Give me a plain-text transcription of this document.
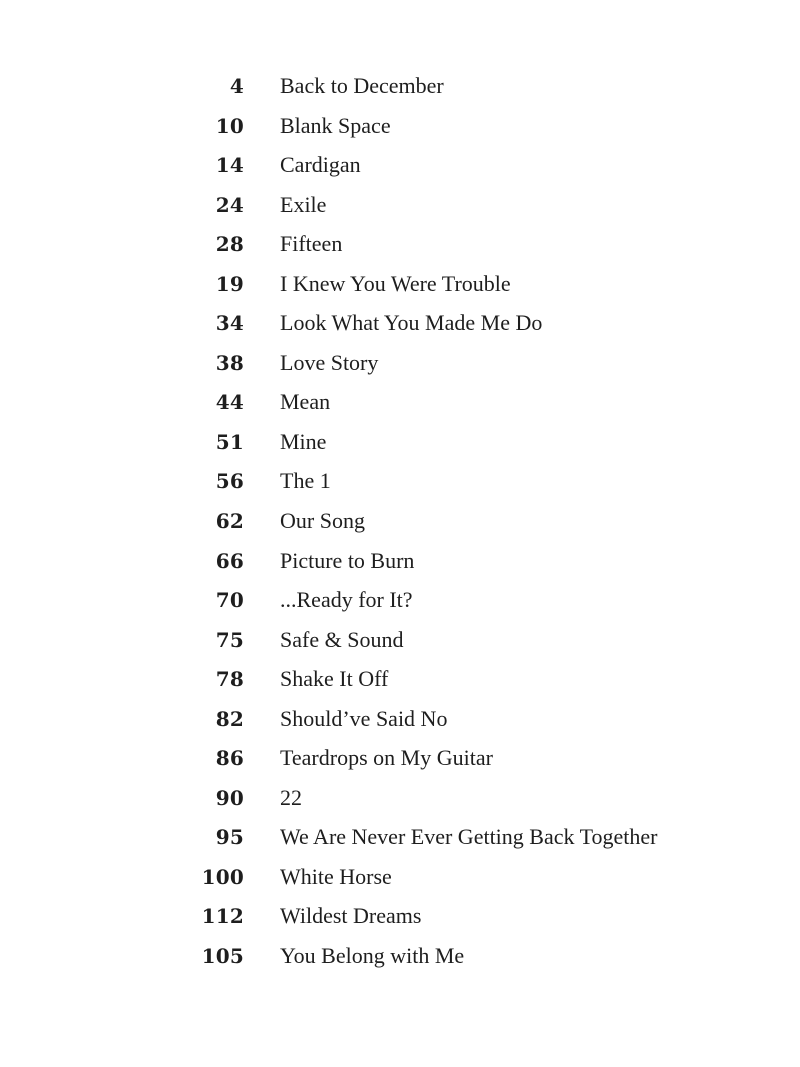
4 Back to December
10 Blank Space
14 Cardigan
24 Exile
28 Fifteen
19 I Knew You Were Trouble
34 Look What You Made Me Do
38 Love Story
44 Mean
51 Mine
56 The 1
62 Our Song
66 Picture to Burn
70 ...Ready for It?
75 Safe & Sound
78 Shake It Off
82 Should’ve Said No
86 Teardrops on My Guitar
90 22
95 We Are Never Ever Getting Back Together
100 White Horse
112 Wildest Dreams
105 You Belong with Me
